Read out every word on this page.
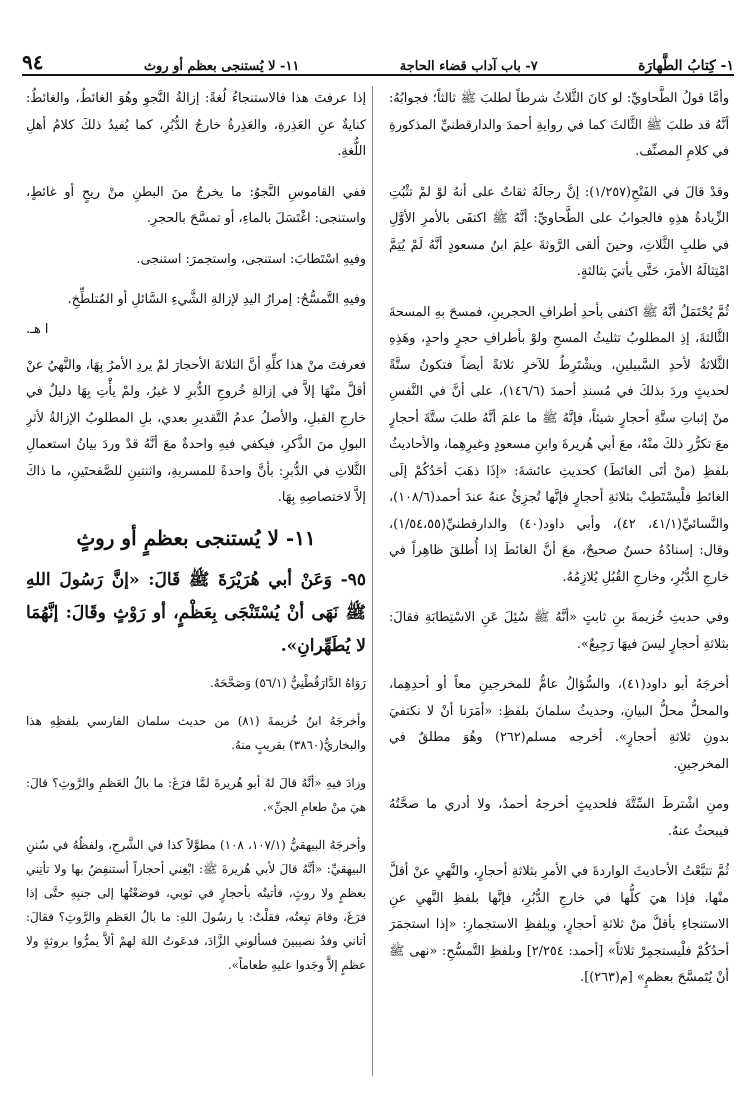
١- كِتابُ الطَّهارَة
٧- باب آداب قضاء الحاجة
١١- لا يُستنجى بعظم أو روث
٩٤

وأمَّا قولُ الطَّحاويِّ: لو كانَ الثَّلاثُ شرطاً لطلبَ ﷺ ثالثاً؛ فجوابُهُ: أنَّهُ قد طلبَ ﷺ الثَّالثَ كما في روايةِ أحمدَ والدارقطنيِّ المذكورةِ في كلامِ المصنِّف.

وقدْ قالَ في الفَتْحِ(١/٢٥٧): إنَّ رجالَهُ ثقاتٌ على أنهُ لوْ لمْ تثْبُتِ الزِّيادةُ هذِهِ فالجوابُ على الطَّحاويِّ: أنَّهُ ﷺ اكتفَى بالأمرِ الأوَّلِ في طلبِ الثَّلاثِ، وحينَ ألقى الرَّوثةَ علِمَ ابنُ مسعودٍ أنَّهُ لَمْ يُتِمَّ امْتِثالَهُ الأمرَ، حَتَّى يأتيَ بثالثةٍ.

ثُمَّ يُحْتَمَلُ أنَّهُ ﷺ اكتفى بأحدِ أطرافِ الحجرينِ، فمسحَ بهِ المسحةَ الثَّالثةَ، إذِ المطلوبُ تثليثُ المسحِ ولوْ بأطرافِ حجرٍ واحدٍ، وهَذِهِ الثَّلاثةُ لأحدِ السَّبيلينِ، ويشْتَرِطُ للآخرِ ثلاثةً أيضاً فتكونُ ستَّةً لحديثٍ وردَ بذلكَ في مُسندِ أحمدَ (١٤٦/٦)، على أنَّ في النَّفسِ منْ إثباتِ ستَّةِ أحجارٍ شيئاً، فإنَّهُ ﷺ ما علمَ أنَّهُ طلبَ ستَّةَ أحجارٍ معَ تكرُّرِ ذلكَ منْهُ، معَ أبي هُريرةَ وابنِ مسعودٍ وغيرِهِما، والأحاديثُ بلفظِ (منْ أتَى الغائطَ) كحديثِ عائشةَ: «إذَا ذهَبَ أحَدُكُمْ إلَى الغائطِ فلْيسْتَطِبْ بثلاثةِ أحجارٍ فإنَّها تُجزِئُ عنهُ عندَ أحمد(١٠٨/٦)، والنَّسائيِّ(٤١/١، ٤٢)، وأبي داود(٤٠) والدارقطنيِّ(١/٥٤،٥٥)، وقال: إسنادُهُ حسنٌ صحيحٌ، معَ أنَّ الغائطَ إذا أُطلقَ ظاهِراً في خارجِ الدُّبُرِ، وخارجِ القُبُلِ يُلازِمُهُ.

وفي حديثِ خُزيمةَ بنِ ثابتٍ «أنَّهُ ﷺ سُئِلَ عَنِ الاسْتِطابَةِ فقالَ: بثلاثةِ أحجارٍ ليسَ فيهَا رَجِيعٌ».

أخرجَهُ أبو داود(٤١)، والسُّؤالُ عامٌّ للمخرجينِ معاً أو أحدِهِما، والمحلُّ محلُّ البيانِ، وحديثُ سلمانَ بلفظِ: «أمَرَنا أنْ لا نكتفيَ بدونِ ثلاثةِ أحجارٍ». أخرجه مسلم(٢٦٢) وهُوَ مطلقٌ في المخرجينِ.

ومنِ اشْترطَ السِّتَّةَ فلحديثٍ أخرجهُ أحمدُ، ولا أدري ما صحَّتُهُ فيبحثُ عنهُ.

ثُمَّ تتبَّعْتُ الأحاديثَ الواردةَ في الأمرِ بثلاثةِ أحجارٍ، والنَّهيِ عنْ أقلَّ منْها، فإذا هيَ كلُّها في خارجِ الدُّبُرِ، فإنَّها بلفظِ النَّهيِ عنِ الاستنجاءِ بأقلَّ منْ ثلاثةِ أحجارٍ، وبلفظِ الاستجمارِ: «إذا استجمَرَ أحدُكُمْ فلْيستجمِرْ ثلاثاً» [أحمد: ٢/٢٥٤] وبلفظِ التَّمسُّحِ: «نهى ﷺ أنْ يُتَمسَّحَ بعظمٍ» [م(٢٦٣)].

إذا عرفتَ هذا فالاستنجاءُ لُغةً: إزالةُ النَّجوِ وهُوَ الغائطُ، والغائطُ: كنايةٌ عنِ العَذِرةِ، والعَذِرةُ خارجُ الدُّبُرِ، كما يُفيدُ ذلكَ كلامُ أهلِ اللُّغةِ.

ففي القاموسِ النَّجوُ: ما يخرجُ منَ البطنِ منْ ريحٍ أو غائطٍ، واستنجى: اغْتَسَلَ بالماءِ، أو تمسَّحَ بالحجرِ.

وفيهِ اسْتَطابَ: استنجى، واستجمرَ: استنجى.

وفيهِ التَّمسُّحُ: إمرارُ اليدِ لإزالةِ الشَّيءِ السَّائلِ أو المُتلطِّخِ.

ا هـ.

فعرفتَ منْ هذا كلِّهِ أنَّ الثلاثةَ الأحجارَ لمْ يردِ الأمرُ بِهَا، والنَّهيُ عنْ أقلَّ منْهَا إلاَّ في إزالةِ خُروجِ الدُّبرِ لا غيرُ، ولمْ يأْتِ بِهَا دليلٌ في خارجِ القبلِ، والأصلُ عدمُ التَّقديرِ بعدي، بلِ المطلوبُ الإزالةُ لأثرِ البولِ منَ الذَّكرِ، فيكفي فيهِ واحدةٌ معَ أنَّهُ قدْ وردَ بيانُ استعمالِ الثَّلاثِ في الدُّبرِ: بأنَّ واحدةً للمسربةِ، واثنتينِ للصَّفحتَينِ، ما ذاكَ إلاَّ لاختصاصِهِ بِهَا.

١١- لا يُستنجى بعظمٍ أو روثٍ
٩٥- وَعَنْ أبي هُرَيْرَةَ ﷺ قَالَ: «إنَّ رَسُولَ اللهِ ﷺ نَهَى أنْ يُسْتَنْجَى بِعَظْمٍ، أو رَوْثٍ وقَالَ: إنَّهُمَا لا يُطَهِّرانِ».

رَوَاهُ الدَّارَقُطْنِيُّ (٥٦/١) وَصَحَّحَهُ.

وأخرجَهُ ابنُ خُزيمةَ (٨١) من حديث سلمان الفارسي بلفظِهِ هذا والبخاريُّ(٣٨٦٠) بقريبٍ منهُ.

وزادَ فيهِ «أنَّهُ قالَ لهُ أبو هُريرةَ لمَّا فرَغَ: ما بالُ العَظمِ والرَّوثِ؟ قالَ: هيَ منْ طعامِ الجنِّ».

وأخرجَهُ البيهقيُّ (١٠٧/١، ١٠٨) مطوَّلاً كذا في الشَّرحِ، ولفظُهُ في سُننِ البيهقيِّ: «أنَّهُ قالَ لأبي هُريرةَ ﷺ: ابْغِني أحجاراً أستنفِضُ بها ولا تأتِني بعظمٍ ولا روثٍ، فأتيتُه بأحجارٍ في ثوبي، فوضعْتُها إلى جنبِهِ حتَّى إذا فرَغَ، وقامَ تبِعتُه، فقلْتُ: يا رسُولَ اللهِ: ما بالُ العَظمِ والرَّوثِ؟ فقالَ: أتاني وفدُ نصيبينَ فسألوني الزَّادَ، فدعَوتُ اللهَ لهمْ ألاَّ يمرُّوا بروثةٍ ولا عظمٍ إلاَّ وجَدوا عليهِ طعاماً».
